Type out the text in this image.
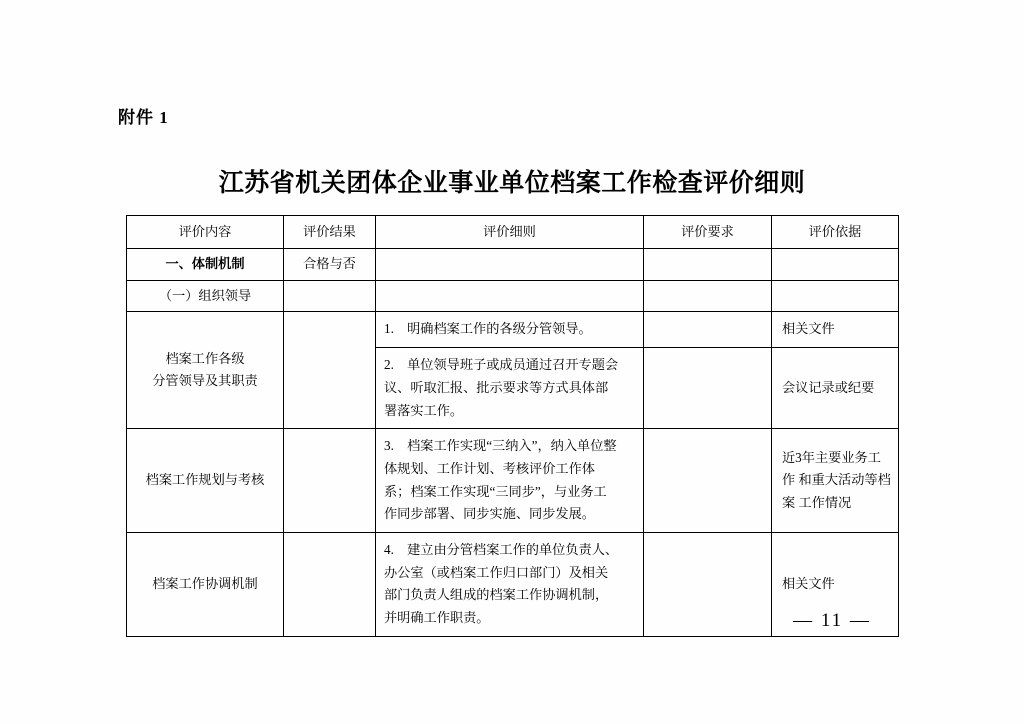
附件 1
江苏省机关团体企业事业单位档案工作检查评价细则
评价内容	评价结果	评价细则	评价要求	评价依据
一、体制机制	合格与否			
（一）组织领导				

档案工作各级
分管领导及其职责		1.　明确档案工作的各级分管领导。		相关文件

		2.　单位领导班子或成员通过召开专题会
议、听取汇报、批示要求等方式具体部
署落实工作。		会议记录或纪要
档案工作规划与考核		3.　档案工作实现“三纳入”，纳入单位整
体规划、工作计划、考核评价工作体
系；档案工作实现“三同步”，与业务工
作同步部署、同步实施、同步发展。		近3年主要业务工作 和重大活动等档案 工作情况
档案工作协调机制		4.　建立由分管档案工作的单位负责人、
办公室（或档案工作归口部门）及相关
部门负责人组成的档案工作协调机制，
并明确工作职责。		相关文件
— 11 —
